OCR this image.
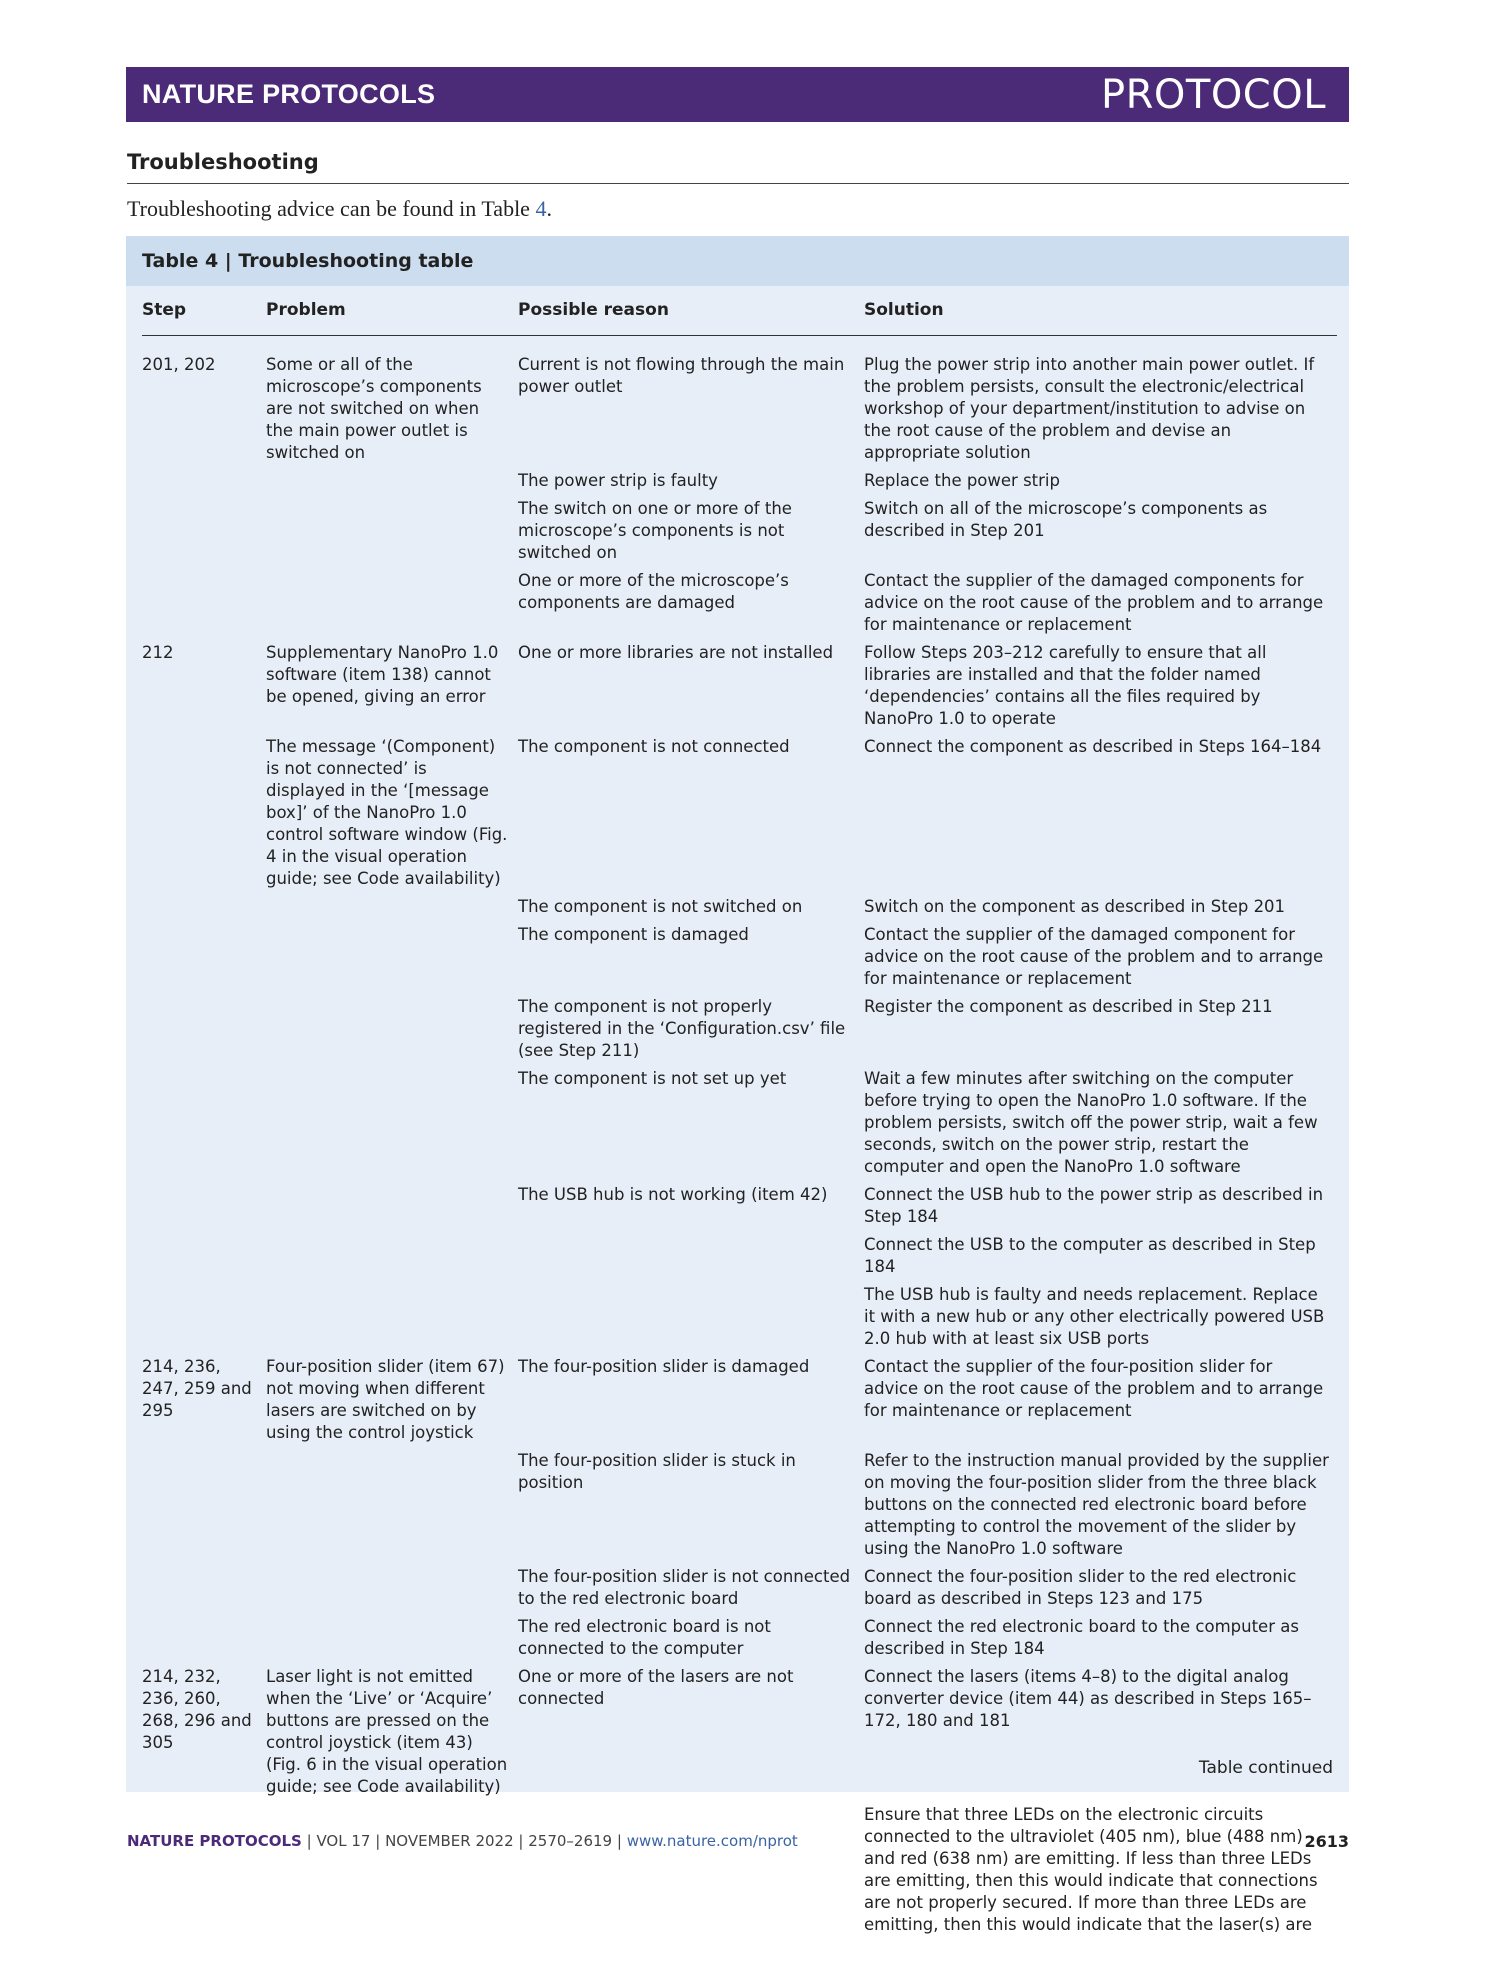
NATURE PROTOCOLS	PROTOCOL
Troubleshooting
Troubleshooting advice can be found in Table 4.
Table 4 | Troubleshooting table
Step	Problem	Possible reason	Solution
201, 202	Some or all of the microscope’s components are not switched on when the main power outlet is switched on	Current is not flowing through the main power outlet	Plug the power strip into another main power outlet. If the problem persists, consult the electronic/electrical workshop of your department/institution to advise on the root cause of the problem and devise an appropriate solution
		The power strip is faulty	Replace the power strip
		The switch on one or more of the microscope’s components is not switched on	Switch on all of the microscope’s components as described in Step 201
		One or more of the microscope’s components are damaged	Contact the supplier of the damaged components for advice on the root cause of the problem and to arrange for maintenance or replacement
212	Supplementary NanoPro 1.0 software (item 138) cannot be opened, giving an error	One or more libraries are not installed	Follow Steps 203–212 carefully to ensure that all libraries are installed and that the folder named ‘dependencies’ contains all the files required by NanoPro 1.0 to operate
	The message ‘(Component) is not connected’ is displayed in the ‘[message box]’ of the NanoPro 1.0 control software window (Fig. 4 in the visual operation guide; see Code availability)	The component is not connected	Connect the component as described in Steps 164–184
		The component is not switched on	Switch on the component as described in Step 201
		The component is damaged	Contact the supplier of the damaged component for advice on the root cause of the problem and to arrange for maintenance or replacement
		The component is not properly registered in the ‘Configuration.csv’ file (see Step 211)	Register the component as described in Step 211
		The component is not set up yet	Wait a few minutes after switching on the computer before trying to open the NanoPro 1.0 software. If the problem persists, switch off the power strip, wait a few seconds, switch on the power strip, restart the computer and open the NanoPro 1.0 software
		The USB hub is not working (item 42)	Connect the USB hub to the power strip as described in Step 184
			Connect the USB to the computer as described in Step 184
			The USB hub is faulty and needs replacement. Replace it with a new hub or any other electrically powered USB 2.0 hub with at least six USB ports
214, 236, 247, 259 and 295	Four-position slider (item 67) not moving when different lasers are switched on by using the control joystick	The four-position slider is damaged	Contact the supplier of the four-position slider for advice on the root cause of the problem and to arrange for maintenance or replacement
		The four-position slider is stuck in position	Refer to the instruction manual provided by the supplier on moving the four-position slider from the three black buttons on the connected red electronic board before attempting to control the movement of the slider by using the NanoPro 1.0 software
		The four-position slider is not connected to the red electronic board	Connect the four-position slider to the red electronic board as described in Steps 123 and 175
		The red electronic board is not connected to the computer	Connect the red electronic board to the computer as described in Step 184
214, 232, 236, 260, 268, 296 and 305	Laser light is not emitted when the ‘Live’ or ‘Acquire’ buttons are pressed on the control joystick (item 43) (Fig. 6 in the visual operation guide; see Code availability)	One or more of the lasers are not connected	Connect the lasers (items 4–8) to the digital analog converter device (item 44) as described in Steps 165–172, 180 and 181
			Ensure that three LEDs on the electronic circuits connected to the ultraviolet (405 nm), blue (488 nm) and red (638 nm) are emitting. If less than three LEDs are emitting, then this would indicate that connections are not properly secured. If more than three LEDs are emitting, then this would indicate that the laser(s) are
Table continued
NATURE PROTOCOLS | VOL 17 | NOVEMBER 2022 | 2570–2619 | www.nature.com/nprot	2613
